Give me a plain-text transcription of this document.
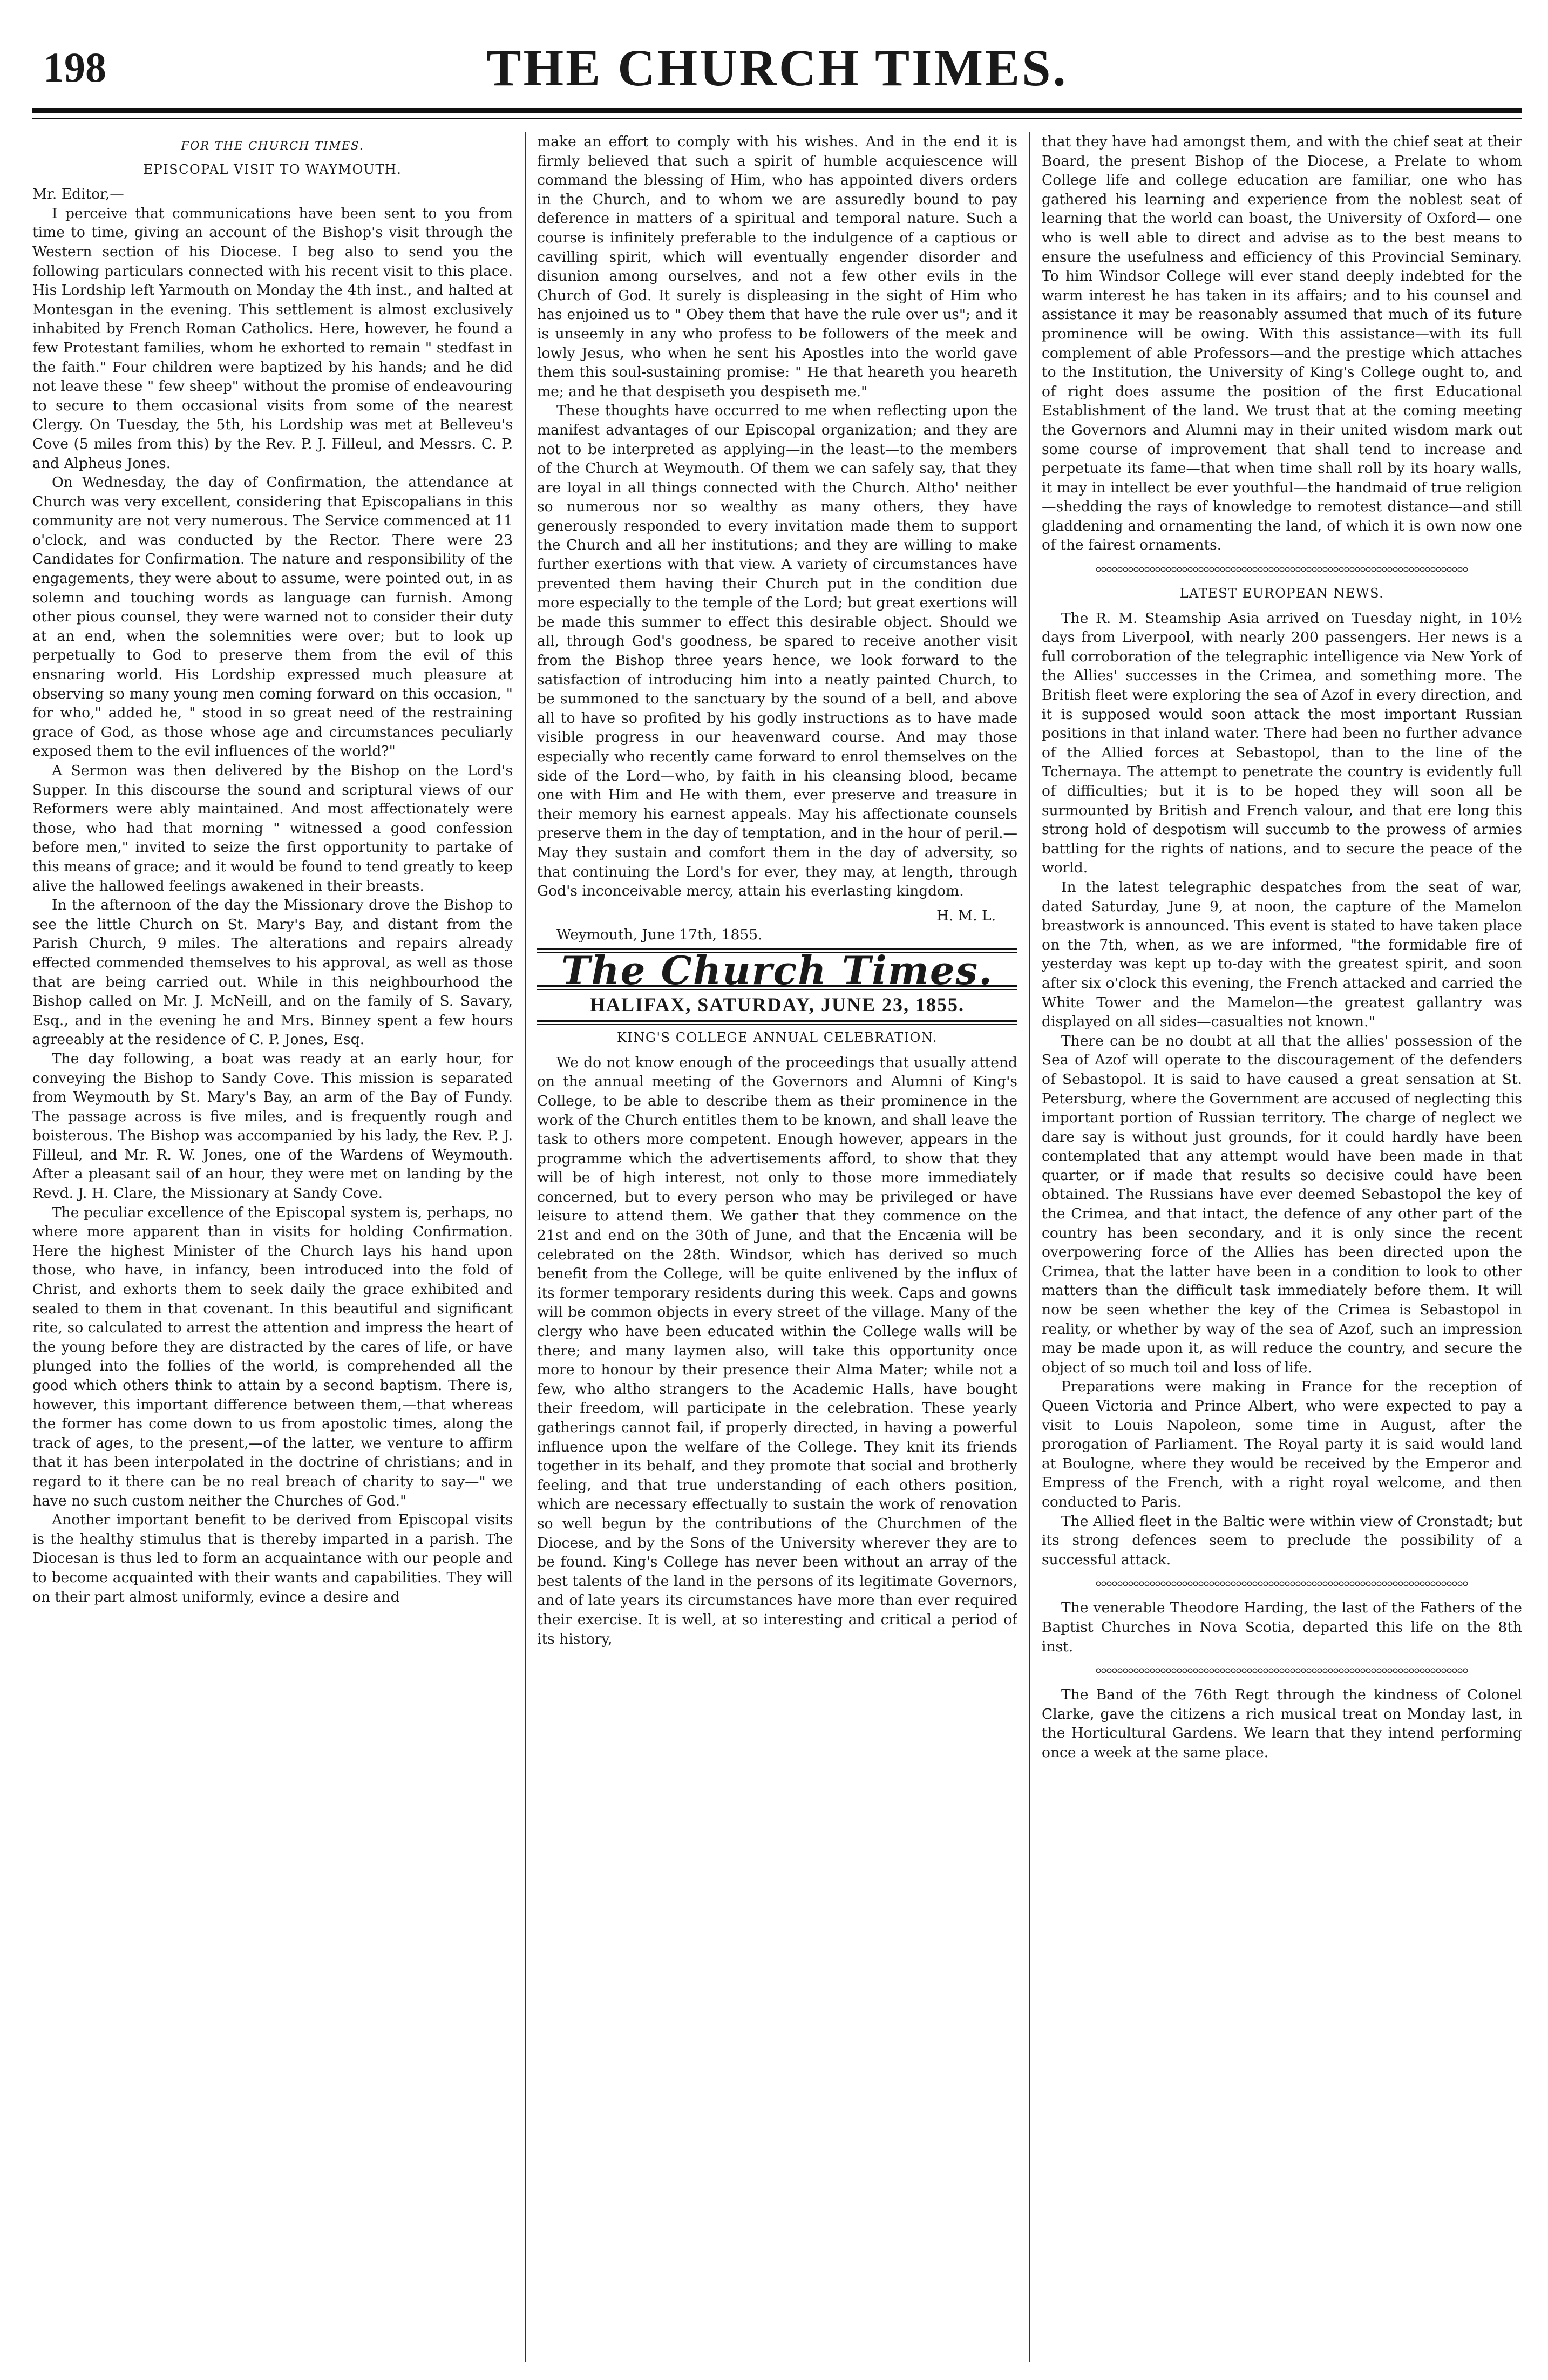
198	THE CHURCH TIMES.
FOR THE CHURCH TIMES.
EPISCOPAL VISIT TO WAYMOUTH.

Mr. Editor,—

I perceive that communications have been sent to you from time to time, giving an account of the Bishop's visit through the Western section of his Diocese. I beg also to send you the following particulars connected with his recent visit to this place. His Lordship left Yarmouth on Monday the 4th inst., and halted at Montesgan in the evening. This settlement is almost exclusively inhabited by French Roman Catholics. Here, however, he found a few Protestant families, whom he exhorted to remain " stedfast in the faith." Four children were baptized by his hands; and he did not leave these " few sheep" without the promise of endeavouring to secure to them occasional visits from some of the nearest Clergy. On Tuesday, the 5th, his Lordship was met at Belleveu's Cove (5 miles from this) by the Rev. P. J. Filleul, and Messrs. C. P. and Alpheus Jones.

On Wednesday, the day of Confirmation, the attendance at Church was very excellent, considering that Episcopalians in this community are not very numerous. The Service commenced at 11 o'clock, and was conducted by the Rector. There were 23 Candidates for Confirmation. The nature and responsibility of the engagements, they were about to assume, were pointed out, in as solemn and touching words as language can furnish. Among other pious counsel, they were warned not to consider their duty at an end, when the solemnities were over; but to look up perpetually to God to preserve them from the evil of this ensnaring world. His Lordship expressed much pleasure at observing so many young men coming forward on this occasion, " for who," added he, " stood in so great need of the restraining grace of God, as those whose age and circumstances peculiarly exposed them to the evil influences of the world?"

A Sermon was then delivered by the Bishop on the Lord's Supper. In this discourse the sound and scriptural views of our Reformers were ably maintained. And most affectionately were those, who had that morning " witnessed a good confession before men," invited to seize the first opportunity to partake of this means of grace; and it would be found to tend greatly to keep alive the hallowed feelings awakened in their breasts.

In the afternoon of the day the Missionary drove the Bishop to see the little Church on St. Mary's Bay, and distant from the Parish Church, 9 miles. The alterations and repairs already effected commended themselves to his approval, as well as those that are being carried out. While in this neighbourhood the Bishop called on Mr. J. McNeill, and on the family of S. Savary, Esq., and in the evening he and Mrs. Binney spent a few hours agreeably at the residence of C. P. Jones, Esq.

The day following, a boat was ready at an early hour, for conveying the Bishop to Sandy Cove. This mission is separated from Weymouth by St. Mary's Bay, an arm of the Bay of Fundy. The passage across is five miles, and is frequently rough and boisterous. The Bishop was accompanied by his lady, the Rev. P. J. Filleul, and Mr. R. W. Jones, one of the Wardens of Weymouth. After a pleasant sail of an hour, they were met on landing by the Revd. J. H. Clare, the Missionary at Sandy Cove.

The peculiar excellence of the Episcopal system is, perhaps, no where more apparent than in visits for holding Confirmation. Here the highest Minister of the Church lays his hand upon those, who have, in infancy, been introduced into the fold of Christ, and exhorts them to seek daily the grace exhibited and sealed to them in that covenant. In this beautiful and significant rite, so calculated to arrest the attention and impress the heart of the young before they are distracted by the cares of life, or have plunged into the follies of the world, is comprehended all the good which others think to attain by a second baptism. There is, however, this important difference between them,—that whereas the former has come down to us from apostolic times, along the track of ages, to the present,—of the latter, we venture to affirm that it has been interpolated in the doctrine of christians; and in regard to it there can be no real breach of charity to say—" we have no such custom neither the Churches of God."

Another important benefit to be derived from Episcopal visits is the healthy stimulus that is thereby imparted in a parish. The Diocesan is thus led to form an acquaintance with our people and to become acquainted with their wants and capabilities. They will on their part almost uniformly, evince a desire and

make an effort to comply with his wishes. And in the end it is firmly believed that such a spirit of humble acquiescence will command the blessing of Him, who has appointed divers orders in the Church, and to whom we are assuredly bound to pay deference in matters of a spiritual and temporal nature. Such a course is infinitely preferable to the indulgence of a captious or cavilling spirit, which will eventually engender disorder and disunion among ourselves, and not a few other evils in the Church of God. It surely is displeasing in the sight of Him who has enjoined us to " Obey them that have the rule over us"; and it is unseemly in any who profess to be followers of the meek and lowly Jesus, who when he sent his Apostles into the world gave them this soul-sustaining promise: " He that heareth you heareth me; and he that despiseth you despiseth me."

These thoughts have occurred to me when reflecting upon the manifest advantages of our Episcopal organization; and they are not to be interpreted as applying—in the least—to the members of the Church at Weymouth. Of them we can safely say, that they are loyal in all things connected with the Church. Altho' neither so numerous nor so wealthy as many others, they have generously responded to every invitation made them to support the Church and all her institutions; and they are willing to make further exertions with that view. A variety of circumstances have prevented them having their Church put in the condition due more especially to the temple of the Lord; but great exertions will be made this summer to effect this desirable object. Should we all, through God's goodness, be spared to receive another visit from the Bishop three years hence, we look forward to the satisfaction of introducing him into a neatly painted Church, to be summoned to the sanctuary by the sound of a bell, and above all to have so profited by his godly instructions as to have made visible progress in our heavenward course. And may those especially who recently came forward to enrol themselves on the side of the Lord—who, by faith in his cleansing blood, became one with Him and He with them, ever preserve and treasure in their memory his earnest appeals. May his affectionate counsels preserve them in the day of temptation, and in the hour of peril.— May they sustain and comfort them in the day of adversity, so that continuing the Lord's for ever, they may, at length, through God's inconceivable mercy, attain his everlasting kingdom.

H. M. L.

Weymouth, June 17th, 1855.

The Church Times.
HALIFAX, SATURDAY, JUNE 23, 1855.
KING'S COLLEGE ANNUAL CELEBRATION.

We do not know enough of the proceedings that usually attend on the annual meeting of the Governors and Alumni of King's College, to be able to describe them as their prominence in the work of the Church entitles them to be known, and shall leave the task to others more competent. Enough however, appears in the programme which the advertisements afford, to show that they will be of high interest, not only to those more immediately concerned, but to every person who may be privileged or have leisure to attend them. We gather that they commence on the 21st and end on the 30th of June, and that the Encænia will be celebrated on the 28th. Windsor, which has derived so much benefit from the College, will be quite enlivened by the influx of its former temporary residents during this week. Caps and gowns will be common objects in every street of the village. Many of the clergy who have been educated within the College walls will be there; and many laymen also, will take this opportunity once more to honour by their presence their Alma Mater; while not a few, who altho strangers to the Academic Halls, have bought their freedom, will participate in the celebration. These yearly gatherings cannot fail, if properly directed, in having a powerful influence upon the welfare of the College. They knit its friends together in its behalf, and they promote that social and brotherly feeling, and that true understanding of each others position, which are necessary effectually to sustain the work of renovation so well begun by the contributions of the Churchmen of the Diocese, and by the Sons of the University wherever they are to be found. King's College has never been without an array of the best talents of the land in the persons of its legitimate Governors, and of late years its circumstances have more than ever required their exercise. It is well, at so interesting and critical a period of its history,

that they have had amongst them, and with the chief seat at their Board, the present Bishop of the Diocese, a Prelate to whom College life and college education are familiar, one who has gathered his learning and experience from the noblest seat of learning that the world can boast, the University of Oxford— one who is well able to direct and advise as to the best means to ensure the usefulness and efficiency of this Provincial Seminary. To him Windsor College will ever stand deeply indebted for the warm interest he has taken in its affairs; and to his counsel and assistance it may be reasonably assumed that much of its future prominence will be owing. With this assistance—with its full complement of able Professors—and the prestige which attaches to the Institution, the University of King's College ought to, and of right does assume the position of the first Educational Establishment of the land. We trust that at the coming meeting the Governors and Alumni may in their united wisdom mark out some course of improvement that shall tend to increase and perpetuate its fame—that when time shall roll by its hoary walls, it may in intellect be ever youthful—the handmaid of true religion—shedding the rays of knowledge to remotest distance—and still gladdening and ornamenting the land, of which it is own now one of the fairest ornaments.

LATEST EUROPEAN NEWS.

The R. M. Steamship Asia arrived on Tuesday night, in 10½ days from Liverpool, with nearly 200 passengers. Her news is a full corroboration of the telegraphic intelligence via New York of the Allies' successes in the Crimea, and something more. The British fleet were exploring the sea of Azof in every direction, and it is supposed would soon attack the most important Russian positions in that inland water. There had been no further advance of the Allied forces at Sebastopol, than to the line of the Tchernaya. The attempt to penetrate the country is evidently full of difficulties; but it is to be hoped they will soon all be surmounted by British and French valour, and that ere long this strong hold of despotism will succumb to the prowess of armies battling for the rights of nations, and to secure the peace of the world.

In the latest telegraphic despatches from the seat of war, dated Saturday, June 9, at noon, the capture of the Mamelon breastwork is announced. This event is stated to have taken place on the 7th, when, as we are informed, "the formidable fire of yesterday was kept up to-day with the greatest spirit, and soon after six o'clock this evening, the French attacked and carried the White Tower and the Mamelon—the greatest gallantry was displayed on all sides—casualties not known."

There can be no doubt at all that the allies' possession of the Sea of Azof will operate to the discouragement of the defenders of Sebastopol. It is said to have caused a great sensation at St. Petersburg, where the Government are accused of neglecting this important portion of Russian territory. The charge of neglect we dare say is without just grounds, for it could hardly have been contemplated that any attempt would have been made in that quarter, or if made that results so decisive could have been obtained. The Russians have ever deemed Sebastopol the key of the Crimea, and that intact, the defence of any other part of the country has been secondary, and it is only since the recent overpowering force of the Allies has been directed upon the Crimea, that the latter have been in a condition to look to other matters than the difficult task immediately before them. It will now be seen whether the key of the Crimea is Sebastopol in reality, or whether by way of the sea of Azof, such an impression may be made upon it, as will reduce the country, and secure the object of so much toil and loss of life.

Preparations were making in France for the reception of Queen Victoria and Prince Albert, who were expected to pay a visit to Louis Napoleon, some time in August, after the prorogation of Parliament. The Royal party it is said would land at Boulogne, where they would be received by the Emperor and Empress of the French, with a right royal welcome, and then conducted to Paris.

The Allied fleet in the Baltic were within view of Cronstadt; but its strong defences seem to preclude the possibility of a successful attack.

The venerable Theodore Harding, the last of the Fathers of the Baptist Churches in Nova Scotia, departed this life on the 8th inst.

The Band of the 76th Regt through the kindness of Colonel Clarke, gave the citizens a rich musical treat on Monday last, in the Horticultural Gardens. We learn that they intend performing once a week at the same place.
